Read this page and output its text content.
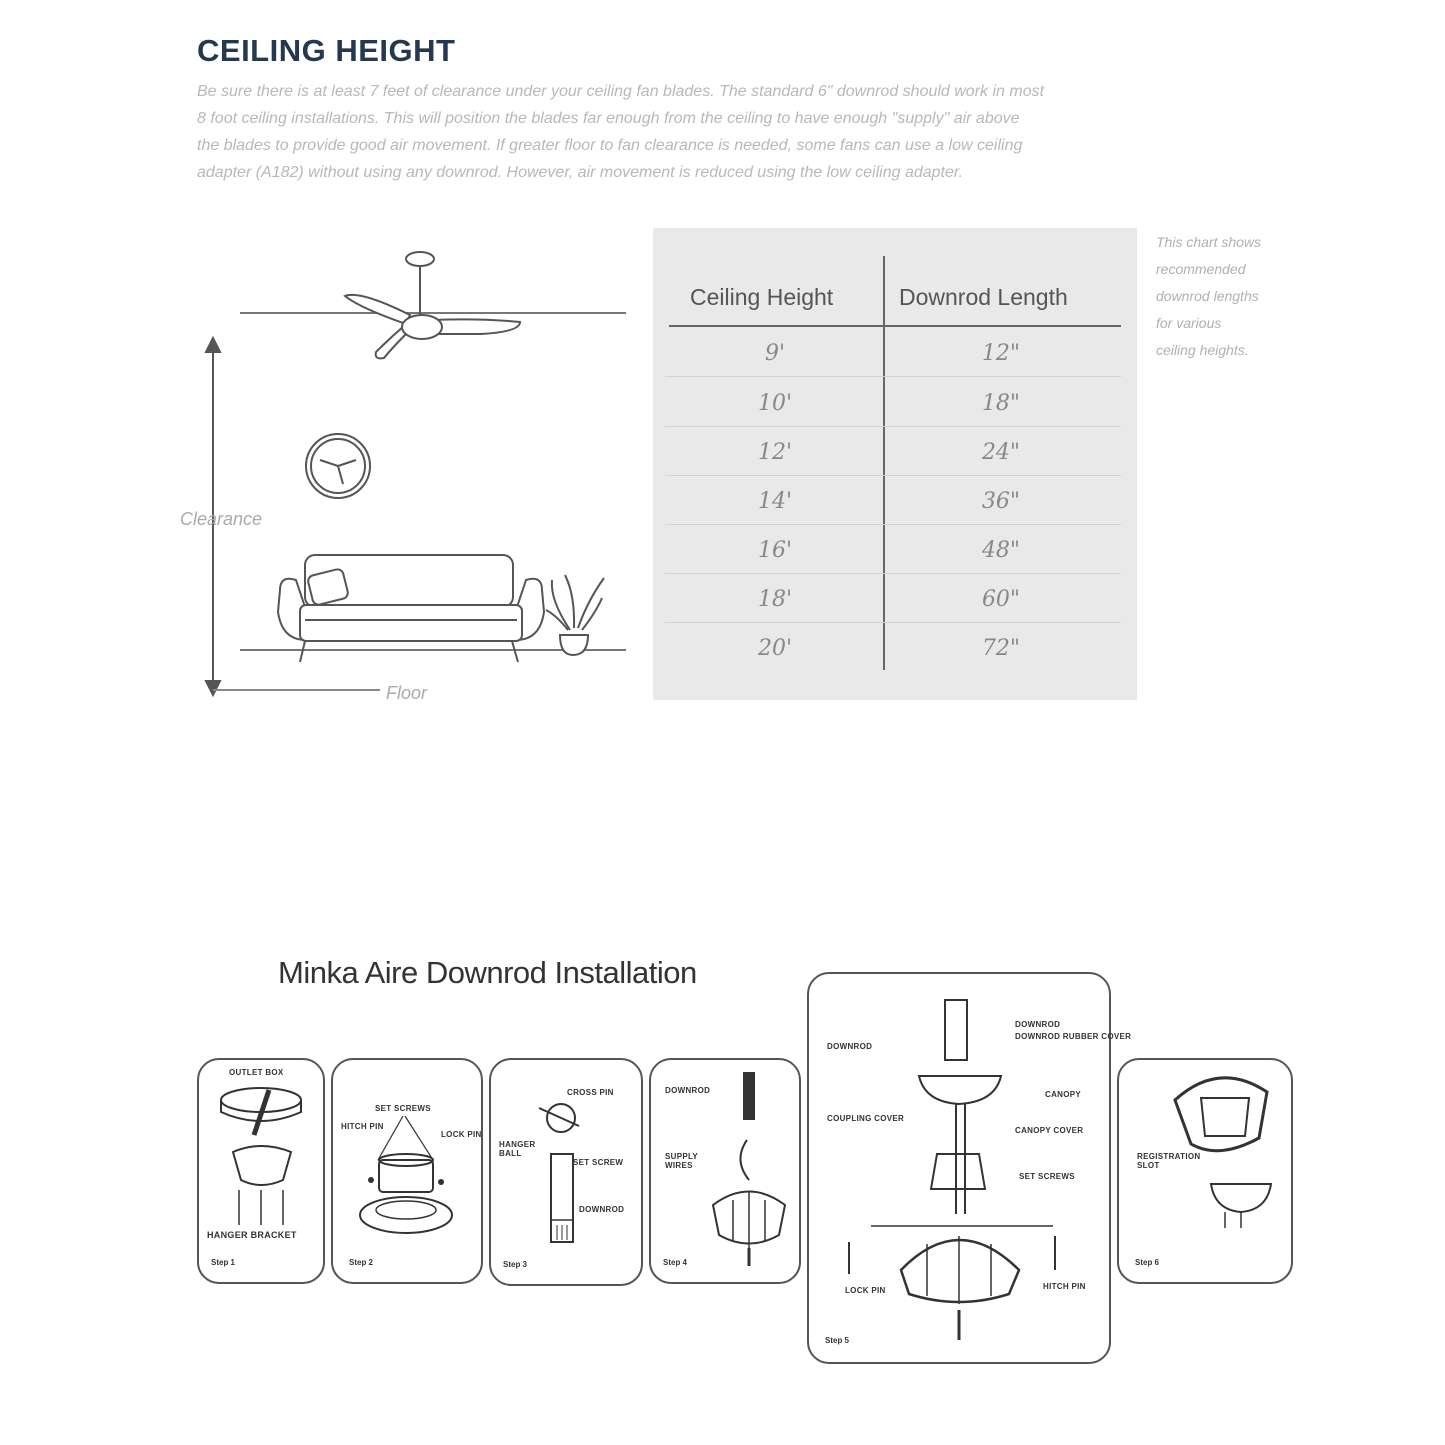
CEILING HEIGHT
Be sure there is at least 7 feet of clearance under your ceiling fan blades. The standard 6" downrod should work in most
8 foot ceiling installations. This will position the blades far enough from the ceiling to have enough "supply" air above
the blades to provide good air movement. If greater floor to fan clearance is needed, some fans can use a low ceiling
adapter (A182) without using any downrod. However, air movement is reduced using the low ceiling adapter.
Clearance
Floor
Ceiling Height	Downrod Length
9'	12"
10'	18"
12'	24"
14'	36"
16'	48"
18'	60"
20'	72"
This chart shows
recommended
downrod lengths
for various
ceiling heights.
Minka Aire Downrod Installation
OUTLET BOX
HANGER BRACKET
Step 1
SET SCREWS
HITCH PIN
LOCK PIN
Step 2
CROSS PIN
HANGER BALL
SET SCREW
DOWNROD
Step 3
DOWNROD
SUPPLY WIRES
Step 4
DOWNROD
DOWNROD RUBBER COVER
DOWNROD
CANOPY
COUPLING COVER
CANOPY COVER
SET SCREWS
LOCK PIN	HITCH PIN
Step 5
REGISTRATION SLOT
Step 6
